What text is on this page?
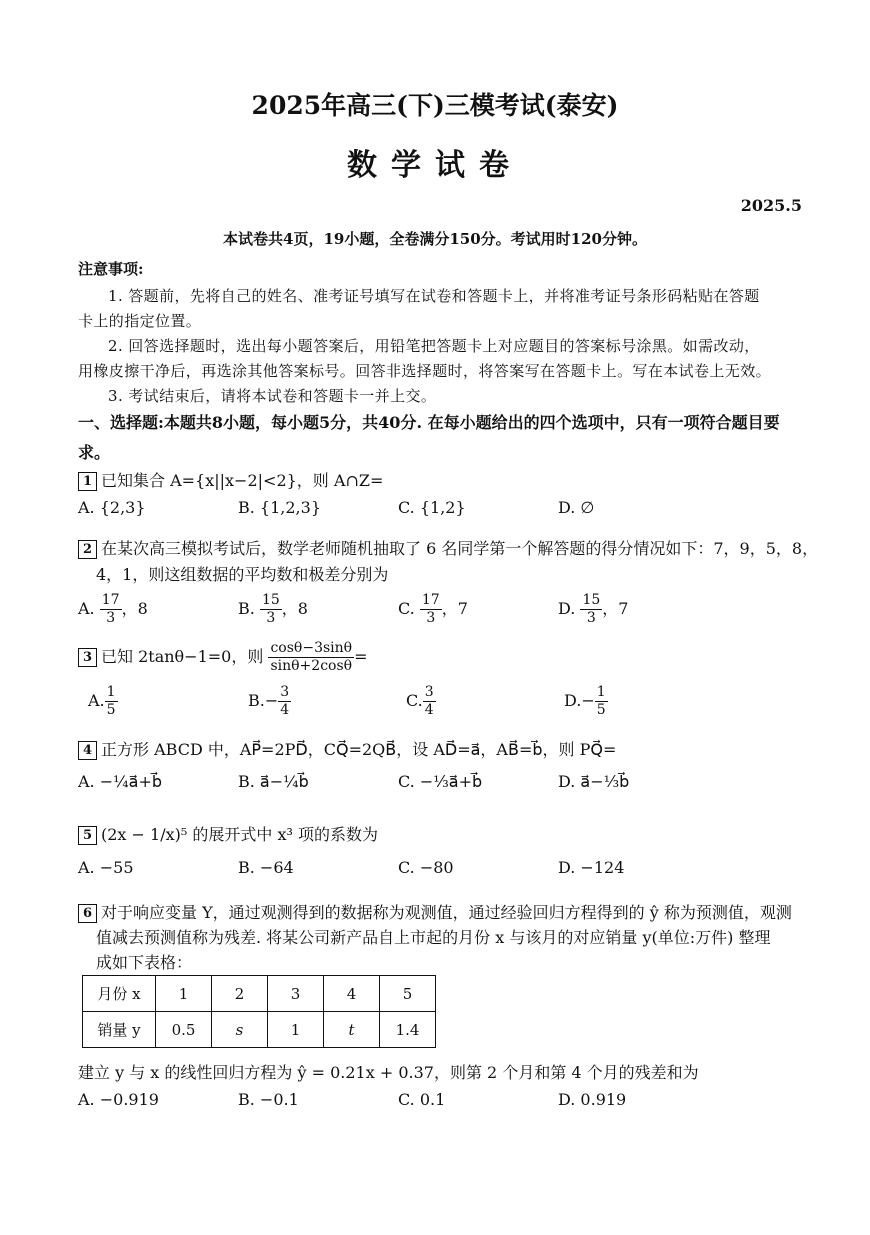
2025年高三(下)三模考试(泰安)
数学试卷
2025.5
本试卷共4页，19小题，全卷满分150分。考试用时120分钟。
注意事项:
1. 答题前，先将自己的姓名、准考证号填写在试卷和答题卡上，并将准考证号条形码粘贴在答题
卡上的指定位置。
2. 回答选择题时，选出每小题答案后，用铅笔把答题卡上对应题目的答案标号涂黑。如需改动，
用橡皮擦干净后，再选涂其他答案标号。回答非选择题时，将答案写在答题卡上。写在本试卷上无效。
3. 考试结束后，请将本试卷和答题卡一并上交。
一、选择题:本题共8小题，每小题5分，共40分. 在每小题给出的四个选项中，只有一项符合题目要
求。
1 已知集合 A={x||x−2|<2}，则 A∩Z=
A. {2,3}	B. {1,2,3}	C. {1,2}	D. ∅
2 在某次高三模拟考试后，数学老师随机抽取了 6 名同学第一个解答题的得分情况如下：7，9，5，8，
4，1，则这组数据的平均数和极差分别为
A. $\frac{17}{3}$ ，8	B. $\frac{15}{3}$ ，8	C. $\frac{17}{3}$ ，7	D. $\frac{15}{3}$ ，7
3 已知 2tanθ−1=0，则 $\frac{\cos\theta-3\sin\theta}{\sin\theta+2\cos\theta}$ =
A. $\frac{1}{5}$	$B.- \frac{3}{4}$	C. $\frac{3}{4}$	$D.- \frac{1}{5}$
4 正方形 ABCD 中，AP⃗=2PD⃗，CQ⃗=2QB⃗，设 AD⃗=a⃗，AB⃗=b⃗，则 PQ⃗=
A. −¼a⃗+b⃗	B. a⃗−¼b⃗	C. −⅓a⃗+b⃗	D. a⃗−⅓b⃗
5 (2x − 1/x)⁵ 的展开式中 x³ 项的系数为
A. −55	B. −64	C. −80	D. −124
6 对于响应变量 Y，通过观测得到的数据称为观测值，通过经验回归方程得到的 ŷ 称为预测值，观测
值减去预测值称为残差. 将某公司新产品自上市起的月份 x 与该月的对应销量 y(单位:万件) 整理
成如下表格：
月份 x	1	2	3	4	5
销量 y	0.5	s	1	t	1.4
建立 y 与 x 的线性回归方程为 ŷ = 0.21x + 0.37，则第 2 个月和第 4 个月的残差和为
A. −0.919	B. −0.1	C. 0.1	D. 0.919
